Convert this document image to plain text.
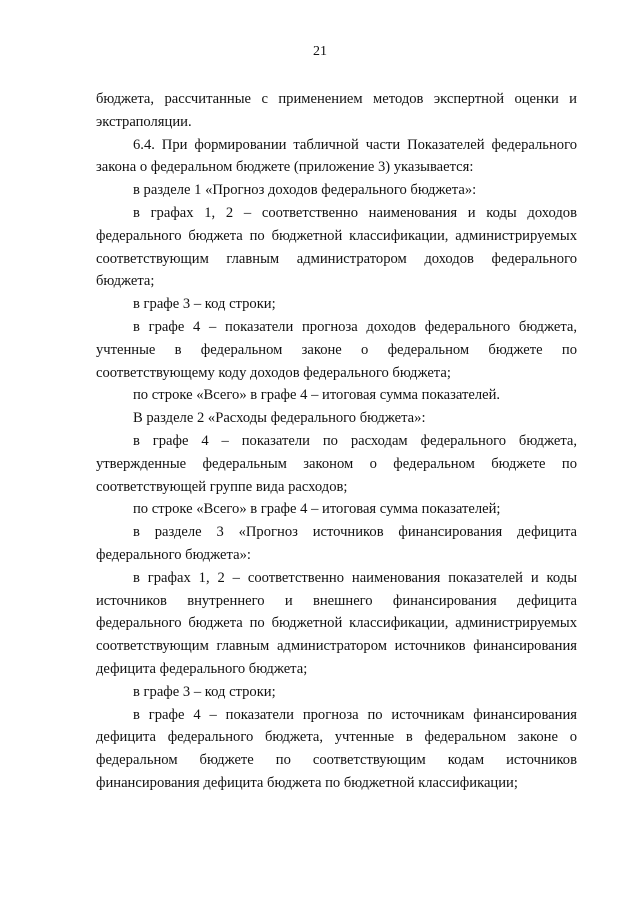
21
бюджета, рассчитанные с применением методов экспертной оценки и
экстраполяции.
6.4. При формировании табличной части Показателей федерального
закона о федеральном бюджете (приложение 3) указывается:
в разделе 1 «Прогноз доходов федерального бюджета»:
в графах 1, 2 – соответственно наименования и коды доходов
федерального бюджета по бюджетной классификации, администрируемых
соответствующим главным администратором доходов федерального
бюджета;
в графе 3 – код строки;
в графе 4 – показатели прогноза доходов федерального бюджета,
учтенные в федеральном законе о федеральном бюджете по
соответствующему коду доходов федерального бюджета;
по строке «Всего» в графе 4 – итоговая сумма показателей.
В разделе 2 «Расходы федерального бюджета»:
в графе 4 – показатели по расходам федерального бюджета,
утвержденные федеральным законом о федеральном бюджете по
соответствующей группе вида расходов;
по строке «Всего» в графе 4 – итоговая сумма показателей;
в разделе 3 «Прогноз источников финансирования дефицита
федерального бюджета»:
в графах 1, 2 – соответственно наименования показателей и коды
источников внутреннего и внешнего финансирования дефицита
федерального бюджета по бюджетной классификации, администрируемых
соответствующим главным администратором источников финансирования
дефицита федерального бюджета;
в графе 3 – код строки;
в графе 4 – показатели прогноза по источникам финансирования
дефицита федерального бюджета, учтенные в федеральном законе о
федеральном бюджете по соответствующим кодам источников
финансирования дефицита бюджета по бюджетной классификации;
